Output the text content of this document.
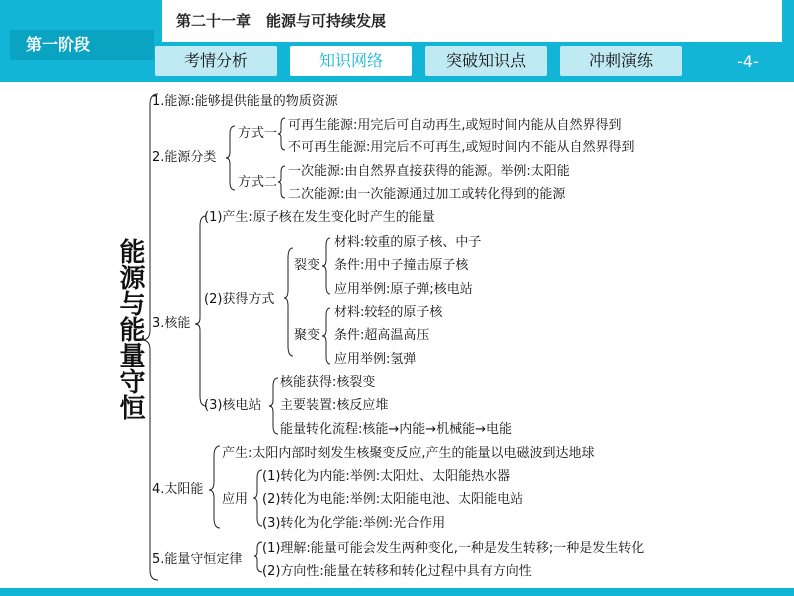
第一阶段
第二十一章　能源与可持续发展
考情分析	知识网络	突破知识点	冲刺演练	-4-
能源与能量守恒
1.能源:能够提供能量的物质资源
2.能源分类
方式一
可再生能源:用完后可自动再生,或短时间内能从自然界得到
不可再生能源:用完后不可再生,或短时间内不能从自然界得到
方式二
一次能源:由自然界直接获得的能源。举例:太阳能
二次能源:由一次能源通过加工或转化得到的能源
3.核能
(1)产生:原子核在发生变化时产生的能量
(2)获得方式
裂变
材料:较重的原子核、中子
条件:用中子撞击原子核
应用举例:原子弹;核电站
聚变
材料:较轻的原子核
条件:超高温高压
应用举例:氢弹
(3)核电站
核能获得:核裂变
主要装置:核反应堆
能量转化流程:核能→内能→机械能→电能
4.太阳能
产生:太阳内部时刻发生核聚变反应,产生的能量以电磁波到达地球
应用
(1)转化为内能:举例:太阳灶、太阳能热水器
(2)转化为电能:举例:太阳能电池、太阳能电站
(3)转化为化学能:举例:光合作用
5.能量守恒定律
(1)理解:能量可能会发生两种变化,一种是发生转移;一种是发生转化
(2)方向性:能量在转移和转化过程中具有方向性
